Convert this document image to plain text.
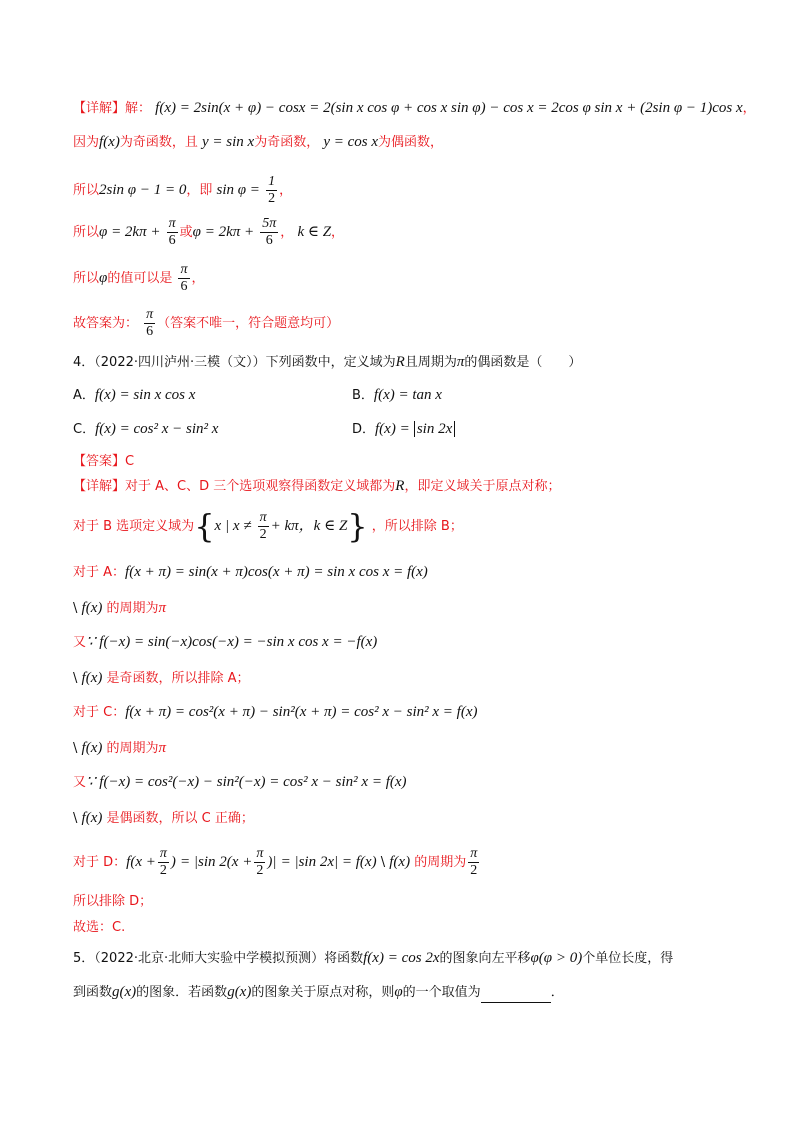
【详解】解： f(x) = 2sin(x + φ) − cosx = 2(sin x cos φ + cos x sin φ) − cos x = 2cos φ sin x + (2sin φ − 1)cos x，
因为f(x)为奇函数，且 y = sin x为奇函数， y = cos x为偶函数，
所以2sin φ − 1 = 0，即 $\sin \varphi = \frac{1}{2}$ ，
所以$\varphi = 2k\pi + \frac{\pi}{6}$ 或$\varphi = 2k\pi + \frac{5\pi}{6}$ ， k ∈ Z，
所以φ的值可以是 $\frac{\pi}{6}$ ，
故答案为： $\frac{\pi}{6}$ （答案不唯一，符合题意均可）
4．（2022·四川泸州·三模（文））下列函数中，定义域为R且周期为π的偶函数是（　　）
A．f(x) = sin x cos x	B．f(x) = tan x
C．f(x) = cos² x − sin² x	D．f(x) = sin 2x
【答案】C
【详解】对于 A、C、D 三个选项观察得函数定义域都为R，即定义域关于原点对称；
对于 B 选项定义域为{x | $x \ne \frac{\pi}{2} + k\pi$，k ∈ Z} ，所以排除 B；
对于 A：f(x + π) = sin(x + π)cos(x + π) = sin x cos x = f(x)
\ f(x) 的周期为π
又∵ f(−x) = sin(−x)cos(−x) = −sin x cos x = −f(x)
\ f(x) 是奇函数，所以排除 A；
对于 C：f(x + π) = cos²(x + π) − sin²(x + π) = cos² x − sin² x = f(x)
\ f(x) 的周期为π
又∵ f(−x) = cos²(−x) − sin²(−x) = cos² x − sin² x = f(x)
\ f(x) 是偶函数，所以 C 正确；
对于 D：$f(x + \frac{\pi}{2}$ ) = |sin $2(x + \frac{\pi}{2}$ )| = |sin 2x| = f(x) \ f(x) 的周期为 $\frac{\pi}{2}$
所以排除 D；
故选：C.
5．（2022·北京·北师大实验中学模拟预测）将函数f(x) = cos 2x的图象向左平移φ(φ > 0)个单位长度，得
到函数g(x)的图象．若函数g(x)的图象关于原点对称，则φ的一个取值为	．
